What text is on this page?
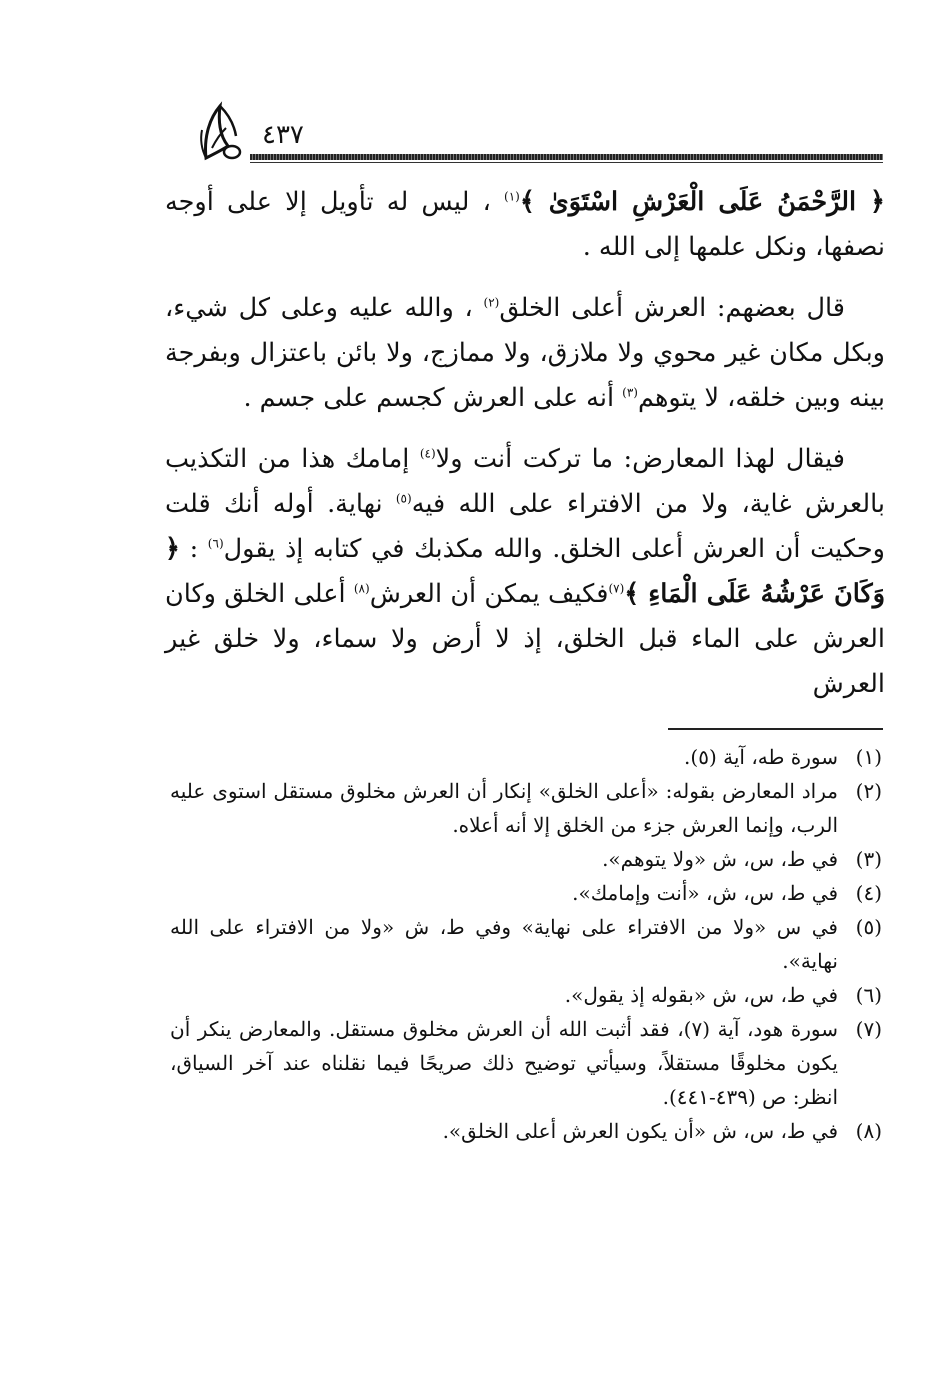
٤٣٧

﴿ الرَّحْمَنُ عَلَى الْعَرْشِ اسْتَوَىٰ ﴾$^{(١)}$ ، ليس له تأويل إلا على أوجه نصفها، ونكل علمها إلى الله .

قال بعضهم: العرش أعلى الخلق$^{(٢)}$ ، والله عليه وعلى كل شيء، وبكل مكان غير محوي ولا ملازق، ولا ممازج، ولا بائن باعتزال وبفرجة بينه وبين خلقه، لا يتوهم$^{(٣)}$ أنه على العرش كجسم على جسم .

فيقال لهذا المعارض: ما تركت أنت ولا$^{(٤)}$ إمامك هذا من التكذيب بالعرش غاية، ولا من الافتراء على الله فيه$^{(٥)}$ نهاية. أوله أنك قلت وحكيت أن العرش أعلى الخلق. والله مكذبك في كتابه إذ يقول$^{(٦)}$ : ﴿ وَكَانَ عَرْشُهُ عَلَى الْمَاءِ ﴾$^{(٧)}$فكيف يمكن أن العرش$^{(٨)}$ أعلى الخلق وكان العرش على الماء قبل الخلق، إذ لا أرض ولا سماء، ولا خلق غير العرش

(١)
سورة طه، آية (٥).
(٢)
مراد المعارض بقوله: «أعلى الخلق» إنكار أن العرش مخلوق مستقل استوى عليه الرب، وإنما العرش جزء من الخلق إلا أنه أعلاه.
(٣)
في ط، س، ش «ولا يتوهم».
(٤)
في ط، س، ش، «أنت وإمامك».
(٥)
في س «ولا من الافتراء على نهاية» وفي ط، ش «ولا من الافتراء على الله نهاية».
(٦)
في ط، س، ش «بقوله إذ يقول».
(٧)
سورة هود، آية (٧)، فقد أثبت الله أن العرش مخلوق مستقل. والمعارض ينكر أن يكون مخلوقًا مستقلاً، وسيأتي توضيح ذلك صريحًا فيما نقلناه عند آخر السياق، انظر: ص (٤٣٩-٤٤١).
(٨)
في ط، س، ش «أن يكون العرش أعلى الخلق».
